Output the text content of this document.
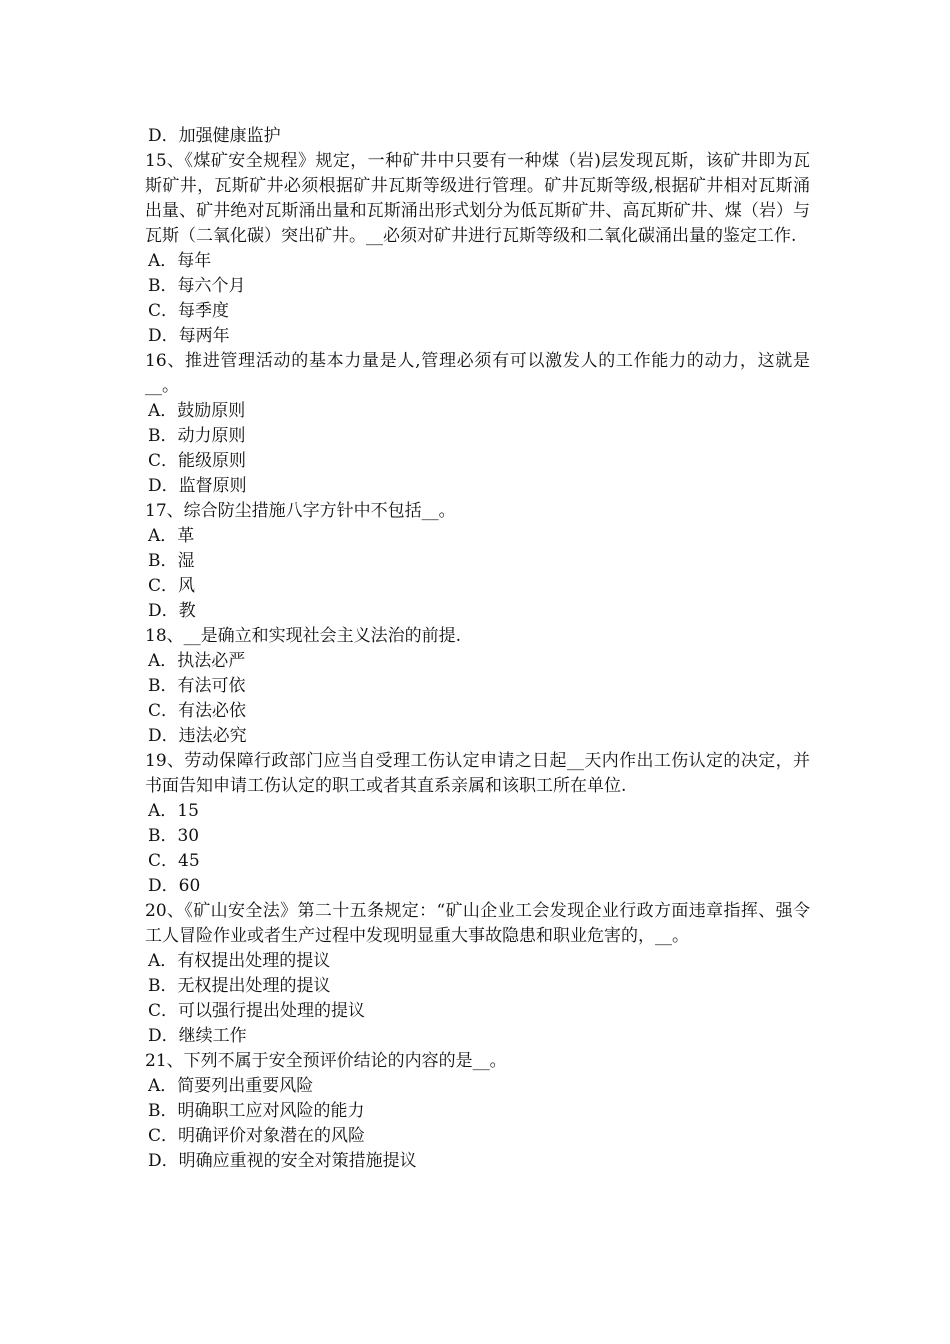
D．加强健康监护

15、《煤矿安全规程》规定，一种矿井中只要有一种煤（岩)层发现瓦斯，该矿井即为瓦斯矿井，瓦斯矿井必须根据矿井瓦斯等级进行管理。矿井瓦斯等级,根据矿井相对瓦斯涌出量、矿井绝对瓦斯涌出量和瓦斯涌出形式划分为低瓦斯矿井、高瓦斯矿井、煤（岩）与瓦斯（二氧化碳）突出矿井。__必须对矿井进行瓦斯等级和二氧化碳涌出量的鉴定工作.

A．每年

B．每六个月

C．每季度

D．每两年

16、推进管理活动的基本力量是人,管理必须有可以激发人的工作能力的动力，这就是__。

A．鼓励原则

B．动力原则

C．能级原则

D．监督原则

17、综合防尘措施八字方针中不包括__。

A．革

B．湿

C．风

D．教

18、__是确立和实现社会主义法治的前提.

A．执法必严

B．有法可依

C．有法必依

D．违法必究

19、劳动保障行政部门应当自受理工伤认定申请之日起__天内作出工伤认定的决定，并书面告知申请工伤认定的职工或者其直系亲属和该职工所在单位.

A．15

B．30

C．45

D．60

20、《矿山安全法》第二十五条规定：“矿山企业工会发现企业行政方面违章指挥、强令工人冒险作业或者生产过程中发现明显重大事故隐患和职业危害的，__。

A．有权提出处理的提议

B．无权提出处理的提议

C．可以强行提出处理的提议

D．继续工作

21、下列不属于安全预评价结论的内容的是__。

A．简要列出重要风险

B．明确职工应对风险的能力

C．明确评价对象潜在的风险

D．明确应重视的安全对策措施提议
